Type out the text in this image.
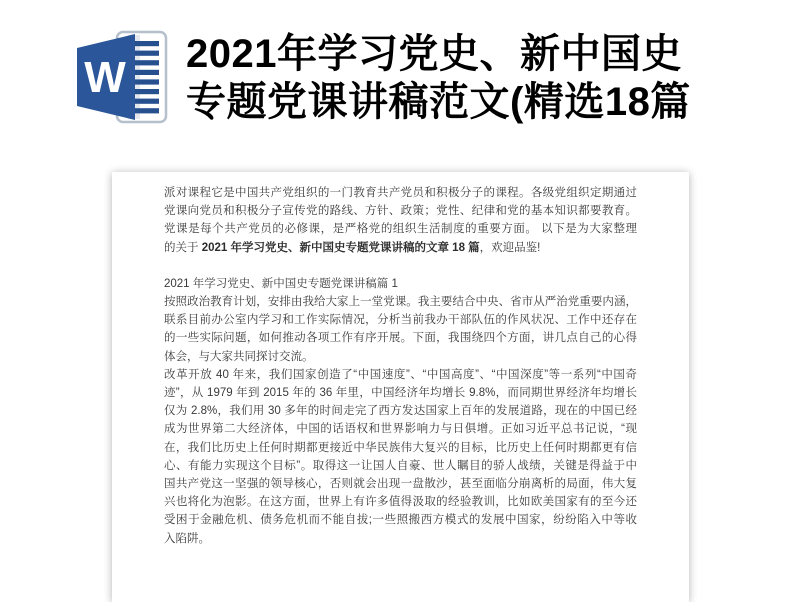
W 2021年学习党史、新中国史
专题党课讲稿范文(精选18篇
派对课程它是中国共产党组织的一门教育共产党员和积极分子的课程。各级党组织定期通过
党课向党员和积极分子宣传党的路线、方针、政策；党性、纪律和党的基本知识都要教育。
党课是每个共产党员的必修课，是严格党的组织生活制度的重要方面。 以下是为大家整理
的关于 2021 年学习党史、新中国史专题党课讲稿的文章 18 篇，欢迎品鉴!
2021 年学习党史、新中国史专题党课讲稿篇 1
按照政治教育计划，安排由我给大家上一堂党课。我主要结合中央、省市从严治党重要内涵，
联系目前办公室内学习和工作实际情况，分析当前我办干部队伍的作风状况、工作中还存在
的一些实际问题，如何推动各项工作有序开展。下面，我围绕四个方面，讲几点自己的心得
体会，与大家共同探讨交流。
改革开放 40 年来，我们国家创造了“中国速度”、“中国高度”、“中国深度”等一系列“中国奇
迹”，从 1979 年到 2015 年的 36 年里，中国经济年均增长 9.8%，而同期世界经济年均增长
仅为 2.8%，我们用 30 多年的时间走完了西方发达国家上百年的发展道路，现在的中国已经
成为世界第二大经济体，中国的话语权和世界影响力与日俱增。正如习近平总书记说，“现
在，我们比历史上任何时期都更接近中华民族伟大复兴的目标，比历史上任何时期都更有信
心、有能力实现这个目标”。取得这一让国人自豪、世人瞩目的骄人战绩，关键是得益于中
国共产党这一坚强的领导核心，否则就会出现一盘散沙，甚至面临分崩离析的局面，伟大复
兴也将化为泡影。在这方面，世界上有许多值得汲取的经验教训，比如欧美国家有的至今还
受困于金融危机、债务危机而不能自拔;一些照搬西方模式的发展中国家，纷纷陷入中等收
入陷阱。
